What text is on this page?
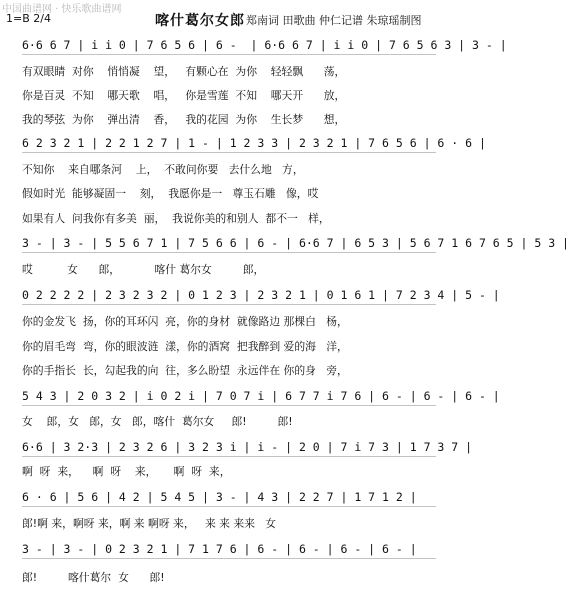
中国曲谱网 · 快乐歌曲谱网
1=B 2/4	喀什葛尔女郎 郑南词 田歌曲 仲仁记谱 朱琼瑶制图
6·6 6 7 | i i 0 | 7 6 5 6 | 6 -  | 6·6 6 7 | i i 0 | 7 6 5 6 3 | 3 - |
有双眼睛  对你    悄悄凝    望，   有颗心在  为你    轻轻飘      荡，
你是百灵  不知    哪天歌    唱，   你是雪莲  不知    哪天开      放，
我的琴弦  为你    弹出清    香，   我的花园  为你    生长梦      想，
6 2 3 2 1 | 2 2 1 2 7 | 1 - | 1 2 3 3 | 2 3 2 1 | 7 6 5 6 | 6 · 6 |
不知你    来自哪条河    上，  不敢问你要   去什么地   方，
假如时光  能够凝固一    刻，  我愿你是一   尊玉石雕   像，哎
如果有人  问我你有多美  丽，  我说你美的和别人  都不一   样，
3 - | 3 - | 5 5 6 7 1 | 7 5 6 6 | 6 - | 6·6 7 | 6 5 3 | 5 6 7 1 6 7 6 5 | 5 3 |
哎          女      郎，          喀什 葛尔女         郎，
0 2 2 2 2 | 2 3 2 3 2 | 0 1 2 3 | 2 3 2 1 | 0 1 6 1 | 7 2 3 4 | 5 - |
你的金发飞  扬，你的耳环闪  亮，你的身材  就像路边 那棵白   杨，
你的眉毛弯  弯，你的眼波涟  漾，你的酒窝  把我醉到 爱的海   洋，
你的手指长  长，勾起我的向  往，多么盼望  永远伴在 你的身   旁，
5 4 3 | 2 0 3 2 | i 0 2 i | 7 0 7 i | 6 7 7 i 7 6 | 6 - | 6 - | 6 - |
女    郎，女   郎，女   郎，喀什  葛尔女     郎!         郎!
6·6 | 3 2·3 | 2 3 2 6 | 3 2 3 i | i - | 2 0 | 7 i 7 3 | 1 7 3 7 |
啊  呀  来，    啊  呀    来，     啊  呀  来，
6 · 6 | 5 6 | 4 2 | 5 4 5 | 3 - | 4 3 | 2 2 7 | 1 7 1 2 |
郎!啊 来，啊呀 来，啊 来 啊呀 来，   来 来 来来   女
3 - | 3 - | 0 2 3 2 1 | 7 1 7 6 | 6 - | 6 - | 6 - | 6 - |
郎!         喀什葛尔  女      郎!
